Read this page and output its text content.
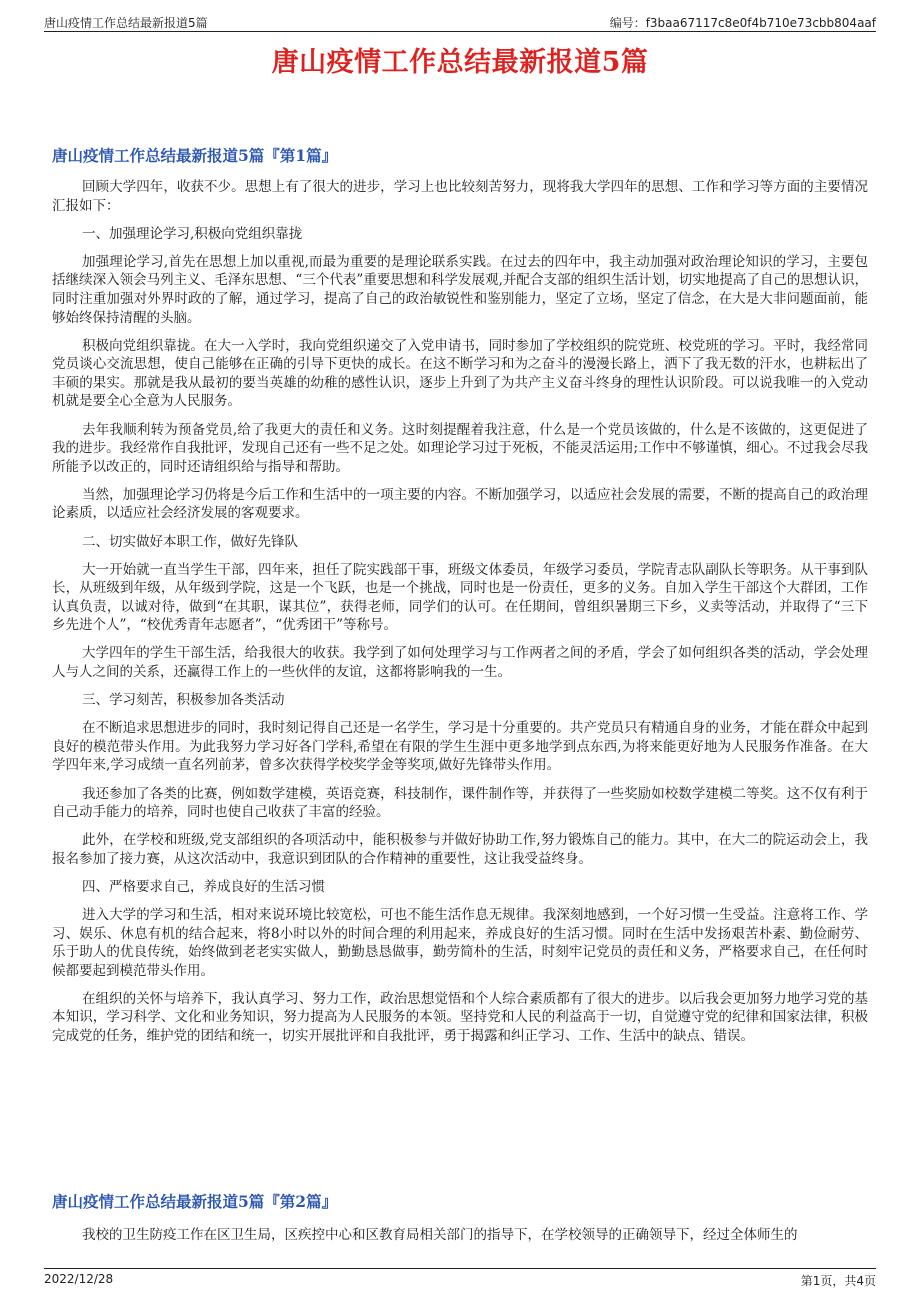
唐山疫情工作总结最新报道5篇	编号：f3baa67117c8e0f4b710e73cbb804aaf
唐山疫情工作总结最新报道5篇
唐山疫情工作总结最新报道5篇『第1篇』

回顾大学四年，收获不少。思想上有了很大的进步，学习上也比较刻苦努力，现将我大学四年的思想、工作和学习等方面的主要情况汇报如下：

一、加强理论学习,积极向党组织靠拢

加强理论学习,首先在思想上加以重视,而最为重要的是理论联系实践。在过去的四年中，我主动加强对政治理论知识的学习，主要包括继续深入领会马列主义、毛泽东思想、“三个代表”重要思想和科学发展观,并配合支部的组织生活计划，切实地提高了自己的思想认识，同时注重加强对外界时政的了解，通过学习，提高了自己的政治敏锐性和鉴别能力，坚定了立场，坚定了信念，在大是大非问题面前，能够始终保持清醒的头脑。

积极向党组织靠拢。在大一入学时，我向党组织递交了入党申请书，同时参加了学校组织的院党班、校党班的学习。平时，我经常同党员谈心交流思想，使自己能够在正确的引导下更快的成长。在这不断学习和为之奋斗的漫漫长路上，洒下了我无数的汗水，也耕耘出了丰硕的果实。那就是我从最初的要当英雄的幼稚的感性认识，逐步上升到了为共产主义奋斗终身的理性认识阶段。可以说我唯一的入党动机就是要全心全意为人民服务。

去年我顺利转为预备党员,给了我更大的责任和义务。这时刻提醒着我注意，什么是一个党员该做的，什么是不该做的，这更促进了我的进步。我经常作自我批评，发现自己还有一些不足之处。如理论学习过于死板，不能灵活运用;工作中不够谨慎，细心。不过我会尽我所能予以改正的，同时还请组织给与指导和帮助。

当然，加强理论学习仍将是今后工作和生活中的一项主要的内容。不断加强学习，以适应社会发展的需要，不断的提高自己的政治理论素质，以适应社会经济发展的客观要求。

二、切实做好本职工作，做好先锋队

大一开始就一直当学生干部，四年来，担任了院实践部干事，班级文体委员，年级学习委员，学院青志队副队长等职务。从干事到队长，从班级到年级，从年级到学院，这是一个飞跃，也是一个挑战，同时也是一份责任，更多的义务。自加入学生干部这个大群团，工作认真负责，以诚对待，做到“在其职，谋其位”，获得老师，同学们的认可。在任期间，曾组织暑期三下乡，义卖等活动，并取得了“三下乡先进个人”，“校优秀青年志愿者”，“优秀团干”等称号。

大学四年的学生干部生活，给我很大的收获。我学到了如何处理学习与工作两者之间的矛盾，学会了如何组织各类的活动，学会处理人与人之间的关系，还赢得工作上的一些伙伴的友谊，这都将影响我的一生。

三、学习刻苦，积极参加各类活动

在不断追求思想进步的同时，我时刻记得自己还是一名学生，学习是十分重要的。共产党员只有精通自身的业务，才能在群众中起到良好的模范带头作用。为此我努力学习好各门学科,希望在有限的学生生涯中更多地学到点东西,为将来能更好地为人民服务作准备。在大学四年来,学习成绩一直名列前茅，曾多次获得学校奖学金等奖项,做好先锋带头作用。

我还参加了各类的比赛，例如数学建模，英语竞赛，科技制作，课件制作等，并获得了一些奖励如校数学建模二等奖。这不仅有利于自己动手能力的培养，同时也使自己收获了丰富的经验。

此外，在学校和班级,党支部组织的各项活动中，能积极参与并做好协助工作,努力锻炼自己的能力。其中，在大二的院运动会上，我报名参加了接力赛，从这次活动中，我意识到团队的合作精神的重要性，这让我受益终身。

四、严格要求自己，养成良好的生活习惯

进入大学的学习和生活，相对来说环境比较宽松，可也不能生活作息无规律。我深刻地感到，一个好习惯一生受益。注意将工作、学习、娱乐、休息有机的结合起来，将8小时以外的时间合理的利用起来，养成良好的生活习惯。同时在生活中发扬艰苦朴素、勤俭耐劳、乐于助人的优良传统，始终做到老老实实做人，勤勤恳恳做事，勤劳简朴的生活，时刻牢记党员的责任和义务，严格要求自己，在任何时候都要起到模范带头作用。

在组织的关怀与培养下，我认真学习、努力工作，政治思想觉悟和个人综合素质都有了很大的进步。以后我会更加努力地学习党的基本知识，学习科学、文化和业务知识，努力提高为人民服务的本领。坚持党和人民的利益高于一切，自觉遵守党的纪律和国家法律，积极完成党的任务，维护党的团结和统一，切实开展批评和自我批评，勇于揭露和纠正学习、工作、生活中的缺点、错误。

唐山疫情工作总结最新报道5篇『第2篇』

我校的卫生防疫工作在区卫生局，区疾控中心和区教育局相关部门的指导下，在学校领导的正确领导下，经过全体师生的

2022/12/28	第1页，共4页
